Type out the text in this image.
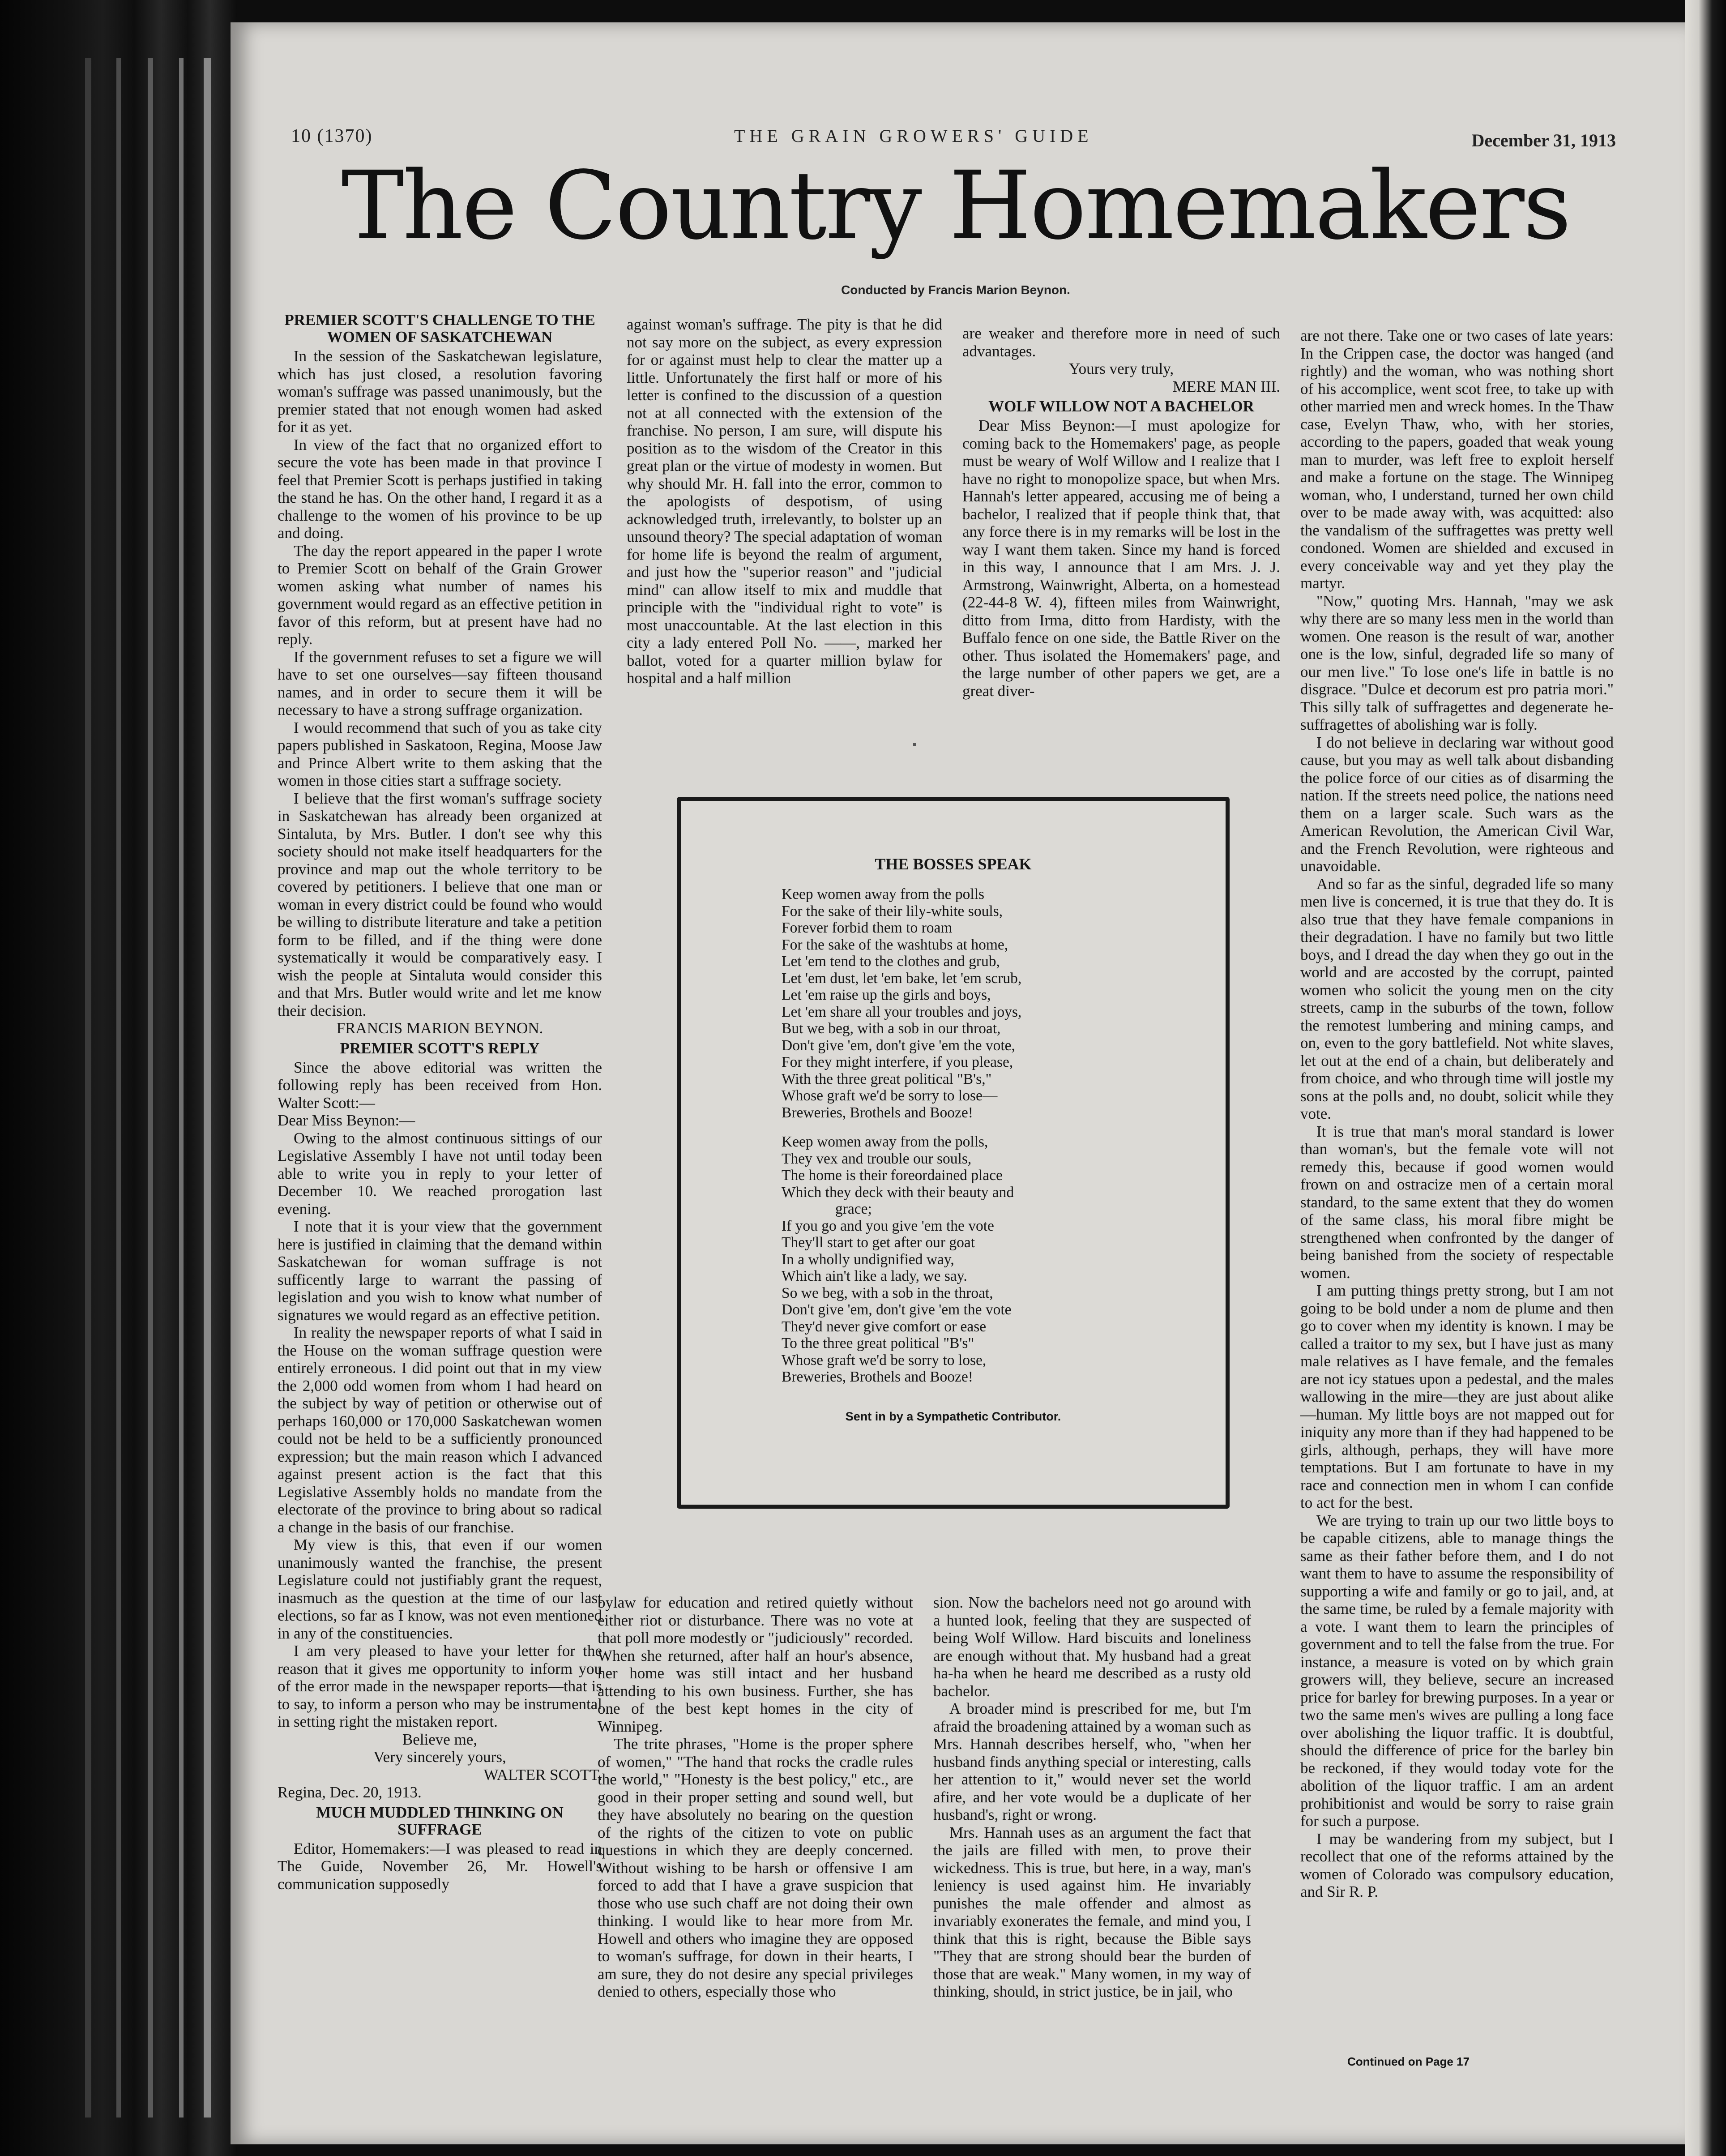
10 (1370)	THE GRAIN GROWERS' GUIDE	December 31, 1913
The Country Homemakers
Conducted by Francis Marion Beynon.
PREMIER SCOTT'S CHALLENGE TO THE WOMEN OF SASKATCHEWAN

In the session of the Saskatchewan legislature, which has just closed, a resolution favoring woman's suffrage was passed unanimously, but the premier stated that not enough women had asked for it as yet.

In view of the fact that no organized effort to secure the vote has been made in that province I feel that Premier Scott is perhaps justified in taking the stand he has. On the other hand, I regard it as a challenge to the women of his province to be up and doing.

The day the report appeared in the paper I wrote to Premier Scott on behalf of the Grain Grower women asking what number of names his government would regard as an effective petition in favor of this reform, but at present have had no reply.

If the government refuses to set a figure we will have to set one ourselves—say fifteen thousand names, and in order to secure them it will be necessary to have a strong suffrage organization.

I would recommend that such of you as take city papers published in Saskatoon, Regina, Moose Jaw and Prince Albert write to them asking that the women in those cities start a suffrage society.

I believe that the first woman's suffrage society in Saskatchewan has already been organized at Sintaluta, by Mrs. Butler. I don't see why this society should not make itself headquarters for the province and map out the whole territory to be covered by petitioners. I believe that one man or woman in every district could be found who would be willing to distribute literature and take a petition form to be filled, and if the thing were done systematically it would be comparatively easy. I wish the people at Sintaluta would consider this and that Mrs. Butler would write and let me know their decision.

FRANCIS MARION BEYNON.

PREMIER SCOTT'S REPLY

Since the above editorial was written the following reply has been received from Hon. Walter Scott:—

Dear Miss Beynon:—

Owing to the almost continuous sittings of our Legislative Assembly I have not until today been able to write you in reply to your letter of December 10. We reached prorogation last evening.

I note that it is your view that the government here is justified in claiming that the demand within Saskatchewan for woman suffrage is not sufficently large to warrant the passing of legislation and you wish to know what number of signatures we would regard as an effective petition.

In reality the newspaper reports of what I said in the House on the woman suffrage question were entirely erroneous. I did point out that in my view the 2,000 odd women from whom I had heard on the subject by way of petition or otherwise out of perhaps 160,000 or 170,000 Saskatchewan women could not be held to be a sufficiently pronounced expression; but the main reason which I advanced against present action is the fact that this Legislative Assembly holds no mandate from the electorate of the province to bring about so radical a change in the basis of our franchise.

My view is this, that even if our women unanimously wanted the franchise, the present Legislature could not justifiably grant the request, inasmuch as the question at the time of our last elections, so far as I know, was not even mentioned in any of the constituencies.

I am very pleased to have your letter for the reason that it gives me opportunity to inform you of the error made in the newspaper reports—that is to say, to inform a person who may be instrumental in setting right the mistaken report.

Believe me,

Very sincerely yours,

WALTER SCOTT.

Regina, Dec. 20, 1913.

MUCH MUDDLED THINKING ON SUFFRAGE

Editor, Homemakers:—I was pleased to read in The Guide, November 26, Mr. Howell's communication supposedly

against woman's suffrage. The pity is that he did not say more on the subject, as every expression for or against must help to clear the matter up a little. Unfortunately the first half or more of his letter is confined to the discussion of a question not at all connected with the extension of the franchise. No person, I am sure, will dispute his position as to the wisdom of the Creator in this great plan or the virtue of modesty in women. But why should Mr. H. fall into the error, common to the apologists of despotism, of using acknowledged truth, irrelevantly, to bolster up an unsound theory? The special adaptation of woman for home life is beyond the realm of argument, and just how the "superior reason" and "judicial mind" can allow itself to mix and muddle that principle with the "individual right to vote" is most unaccountable. At the last election in this city a lady entered Poll No. ——, marked her ballot, voted for a quarter million bylaw for hospital and a half million

are weaker and therefore more in need of such advantages.

Yours very truly,

MERE MAN III.

WOLF WILLOW NOT A BACHELOR

Dear Miss Beynon:—I must apologize for coming back to the Homemakers' page, as people must be weary of Wolf Willow and I realize that I have no right to monopolize space, but when Mrs. Hannah's letter appeared, accusing me of being a bachelor, I realized that if people think that, that any force there is in my remarks will be lost in the way I want them taken. Since my hand is forced in this way, I announce that I am Mrs. J. J. Armstrong, Wainwright, Alberta, on a homestead (22-44-8 W. 4), fifteen miles from Wainwright, ditto from Irma, ditto from Hardisty, with the Buffalo fence on one side, the Battle River on the other. Thus isolated the Homemakers' page, and the large number of other papers we get, are a great diver-

THE BOSSES SPEAK
Keep women away from the polls
For the sake of their lily-white souls,
Forever forbid them to roam
For the sake of the washtubs at home,
Let 'em tend to the clothes and grub,
Let 'em dust, let 'em bake, let 'em scrub,
Let 'em raise up the girls and boys,
Let 'em share all your troubles and joys,
But we beg, with a sob in our throat,
Don't give 'em, don't give 'em the vote,
For they might interfere, if you please,
With the three great political "B's,"
Whose graft we'd be sorry to lose—
Breweries, Brothels and Booze!
Keep women away from the polls,
They vex and trouble our souls,
The home is their foreordained place
Which they deck with their beauty and
grace;
If you go and you give 'em the vote
They'll start to get after our goat
In a wholly undignified way,
Which ain't like a lady, we say.
So we beg, with a sob in the throat,
Don't give 'em, don't give 'em the vote
They'd never give comfort or ease
To the three great political "B's"
Whose graft we'd be sorry to lose,
Breweries, Brothels and Booze!
Sent in by a Sympathetic Contributor.

bylaw for education and retired quietly without either riot or disturbance. There was no vote at that poll more modestly or "judiciously" recorded. When she returned, after half an hour's absence, her home was still intact and her husband attending to his own business. Further, she has one of the best kept homes in the city of Winnipeg.

The trite phrases, "Home is the proper sphere of women," "The hand that rocks the cradle rules the world," "Honesty is the best policy," etc., are good in their proper setting and sound well, but they have absolutely no bearing on the question of the rights of the citizen to vote on public questions in which they are deeply concerned. Without wishing to be harsh or offensive I am forced to add that I have a grave suspicion that those who use such chaff are not doing their own thinking. I would like to hear more from Mr. Howell and others who imagine they are opposed to woman's suffrage, for down in their hearts, I am sure, they do not desire any special privileges denied to others, especially those who

sion. Now the bachelors need not go around with a hunted look, feeling that they are suspected of being Wolf Willow. Hard biscuits and loneliness are enough without that. My husband had a great ha-ha when he heard me described as a rusty old bachelor.

A broader mind is prescribed for me, but I'm afraid the broadening attained by a woman such as Mrs. Hannah describes herself, who, "when her husband finds anything special or interesting, calls her attention to it," would never set the world afire, and her vote would be a duplicate of her husband's, right or wrong.

Mrs. Hannah uses as an argument the fact that the jails are filled with men, to prove their wickedness. This is true, but here, in a way, man's leniency is used against him. He invariably punishes the male offender and almost as invariably exonerates the female, and mind you, I think that this is right, because the Bible says "They that are strong should bear the burden of those that are weak." Many women, in my way of thinking, should, in strict justice, be in jail, who

are not there. Take one or two cases of late years: In the Crippen case, the doctor was hanged (and rightly) and the woman, who was nothing short of his accomplice, went scot free, to take up with other married men and wreck homes. In the Thaw case, Evelyn Thaw, who, with her stories, according to the papers, goaded that weak young man to murder, was left free to exploit herself and make a fortune on the stage. The Winnipeg woman, who, I understand, turned her own child over to be made away with, was acquitted: also the vandalism of the suffragettes was pretty well condoned. Women are shielded and excused in every conceivable way and yet they play the martyr.

"Now," quoting Mrs. Hannah, "may we ask why there are so many less men in the world than women. One reason is the result of war, another one is the low, sinful, degraded life so many of our men live." To lose one's life in battle is no disgrace. "Dulce et decorum est pro patria mori." This silly talk of suffragettes and degenerate he-suffragettes of abolishing war is folly.

I do not believe in declaring war without good cause, but you may as well talk about disbanding the police force of our cities as of disarming the nation. If the streets need police, the nations need them on a larger scale. Such wars as the American Revolution, the American Civil War, and the French Revolution, were righteous and unavoidable.

And so far as the sinful, degraded life so many men live is concerned, it is true that they do. It is also true that they have female companions in their degradation. I have no family but two little boys, and I dread the day when they go out in the world and are accosted by the corrupt, painted women who solicit the young men on the city streets, camp in the suburbs of the town, follow the remotest lumbering and mining camps, and on, even to the gory battlefield. Not white slaves, let out at the end of a chain, but deliberately and from choice, and who through time will jostle my sons at the polls and, no doubt, solicit while they vote.

It is true that man's moral standard is lower than woman's, but the female vote will not remedy this, because if good women would frown on and ostracize men of a certain moral standard, to the same extent that they do women of the same class, his moral fibre might be strengthened when confronted by the danger of being banished from the society of respectable women.

I am putting things pretty strong, but I am not going to be bold under a nom de plume and then go to cover when my identity is known. I may be called a traitor to my sex, but I have just as many male relatives as I have female, and the females are not icy statues upon a pedestal, and the males wallowing in the mire—they are just about alike—human. My little boys are not mapped out for iniquity any more than if they had happened to be girls, although, perhaps, they will have more temptations. But I am fortunate to have in my race and connection men in whom I can confide to act for the best.

We are trying to train up our two little boys to be capable citizens, able to manage things the same as their father before them, and I do not want them to have to assume the responsibility of supporting a wife and family or go to jail, and, at the same time, be ruled by a female majority with a vote. I want them to learn the principles of government and to tell the false from the true. For instance, a measure is voted on by which grain growers will, they believe, secure an increased price for barley for brewing purposes. In a year or two the same men's wives are pulling a long face over abolishing the liquor traffic. It is doubtful, should the difference of price for the barley bin be reckoned, if they would today vote for the abolition of the liquor traffic. I am an ardent prohibitionist and would be sorry to raise grain for such a purpose.

I may be wandering from my subject, but I recollect that one of the reforms attained by the women of Colorado was compulsory education, and Sir R. P.

Continued on Page 17
